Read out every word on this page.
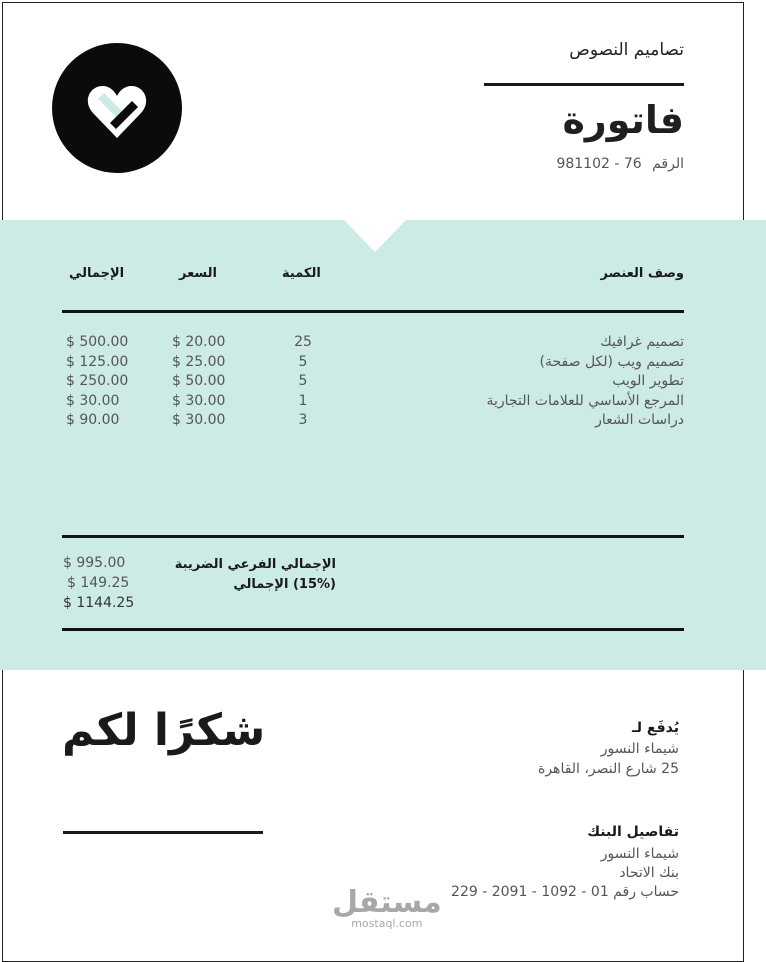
تصاميم النصوص
فاتورة
الرقم 981102 - 76
وصف العنصر
الكمية
السعر
الإجمالي
تصميم غرافيك
تصميم ويب (لكل صفحة)
تطوير الويب
المرجع الأساسي للعلامات التجارية
دراسات الشعار
25
5
5
1
3
$ 20.00
$ 25.00
$ 50.00
$ 30.00
$ 30.00
$ 500.00
$ 125.00
$ 250.00
$ 30.00
$ 90.00
الإجمالي الفرعي الضريبة
(15%) الإجمالي
$ 995.00
$ 149.25
$ 1144.25
شكرًا لكم	يُدفَع لـ
شيماء النسور
25 شارع النصر، القاهرة
تفاصيل البنك
شيماء النسور
بنك الاتحاد
حساب رقم 01 - 1092 - 2091 - 229
مستقل
mostaql.com
